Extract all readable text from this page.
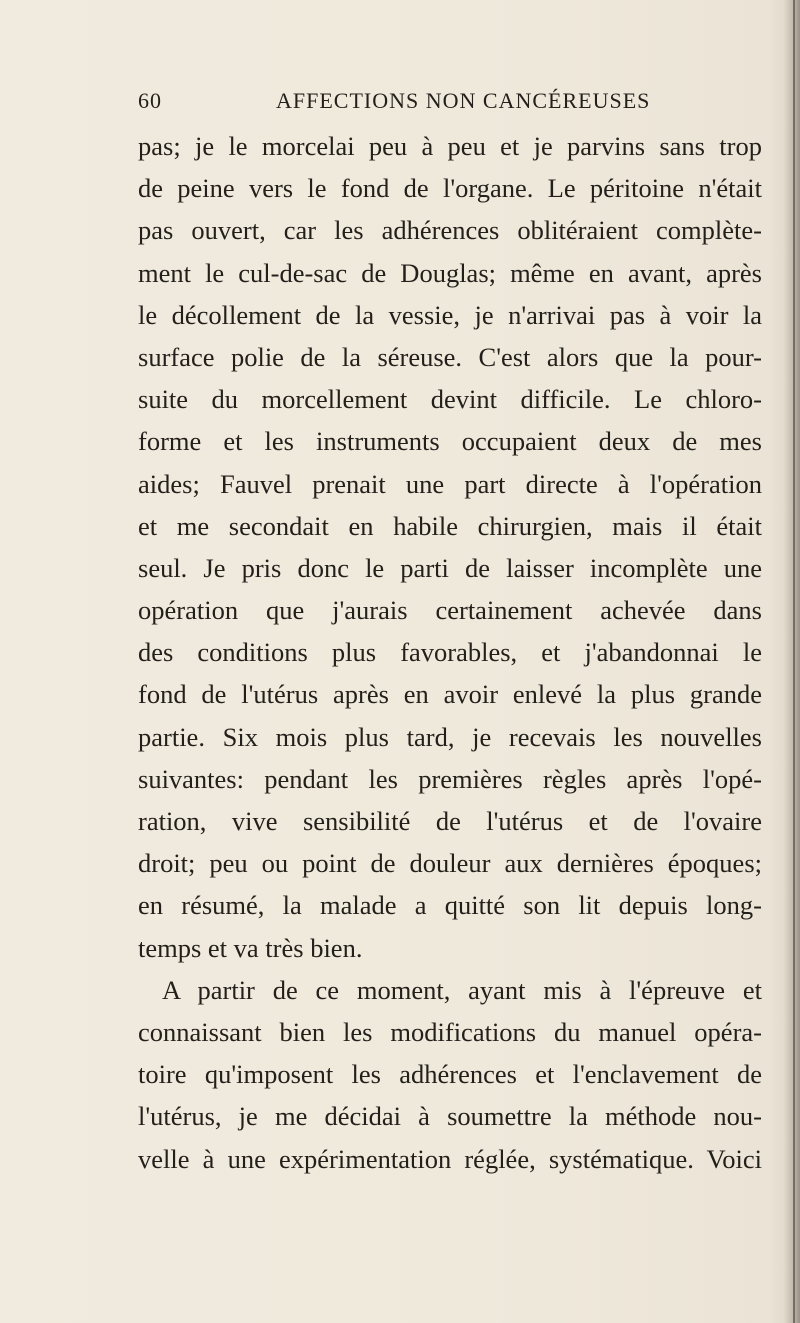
60	AFFECTIONS NON CANCÉREUSES
pas; je le morcelai peu à peu et je parvins sans trop
de peine vers le fond de l'organe. Le péritoine n'était
pas ouvert, car les adhérences oblitéraient complète-
ment le cul-de-sac de Douglas; même en avant, après
le décollement de la vessie, je n'arrivai pas à voir la
surface polie de la séreuse. C'est alors que la pour-
suite du morcellement devint difficile. Le chloro-
forme et les instruments occupaient deux de mes
aides; Fauvel prenait une part directe à l'opération
et me secondait en habile chirurgien, mais il était
seul. Je pris donc le parti de laisser incomplète une
opération que j'aurais certainement achevée dans
des conditions plus favorables, et j'abandonnai le
fond de l'utérus après en avoir enlevé la plus grande
partie. Six mois plus tard, je recevais les nouvelles
suivantes: pendant les premières règles après l'opé-
ration, vive sensibilité de l'utérus et de l'ovaire
droit; peu ou point de douleur aux dernières époques;
en résumé, la malade a quitté son lit depuis long-
temps et va très bien.
A partir de ce moment, ayant mis à l'épreuve et
connaissant bien les modifications du manuel opéra-
toire qu'imposent les adhérences et l'enclavement de
l'utérus, je me décidai à soumettre la méthode nou-
velle à une expérimentation réglée, systématique. Voici
